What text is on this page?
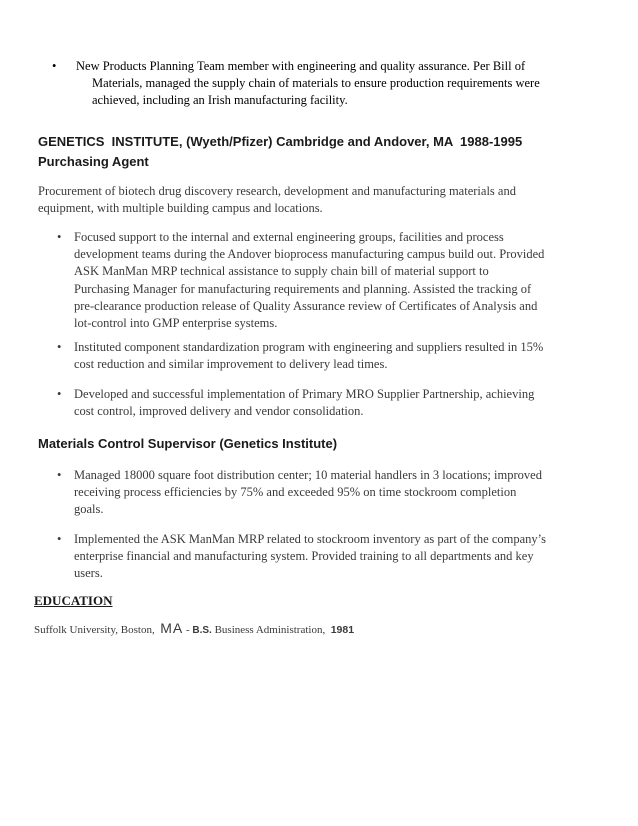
• New Products Planning Team member with engineering and quality assurance. Per Bill of
Materials, managed the supply chain of materials to ensure production requirements were achieved, including an Irish manufacturing facility.
GENETICS  INSTITUTE, (Wyeth/Pfizer) Cambridge and Andover, MA  1988-1995
Purchasing Agent
Procurement of biotech drug discovery research, development and manufacturing materials and equipment, with multiple building campus and locations.
•	Focused support to the internal and external engineering groups, facilities and process development teams during the Andover bioprocess manufacturing campus build out. Provided ASK ManMan MRP technical assistance to supply chain bill of material support to Purchasing Manager for manufacturing requirements and planning. Assisted the tracking of pre-clearance production release of Quality Assurance review of Certificates of Analysis and lot-control into GMP enterprise systems.
•	Instituted component standardization program with engineering and suppliers resulted in 15% cost reduction and similar improvement to delivery lead times.
•	Developed and successful implementation of Primary MRO Supplier Partnership, achieving cost control, improved delivery and vendor consolidation.
Materials Control Supervisor (Genetics Institute)
•	Managed 18000 square foot distribution center; 10 material handlers in 3 locations; improved receiving process efficiencies by 75% and exceeded 95% on time stockroom completion goals.
•	Implemented the ASK ManMan MRP related to stockroom inventory as part of the company’s enterprise financial and manufacturing system. Provided training to all departments and key users.
EDUCATION
Suffolk University, Boston, MA - B.S. Business Administration, 1981
